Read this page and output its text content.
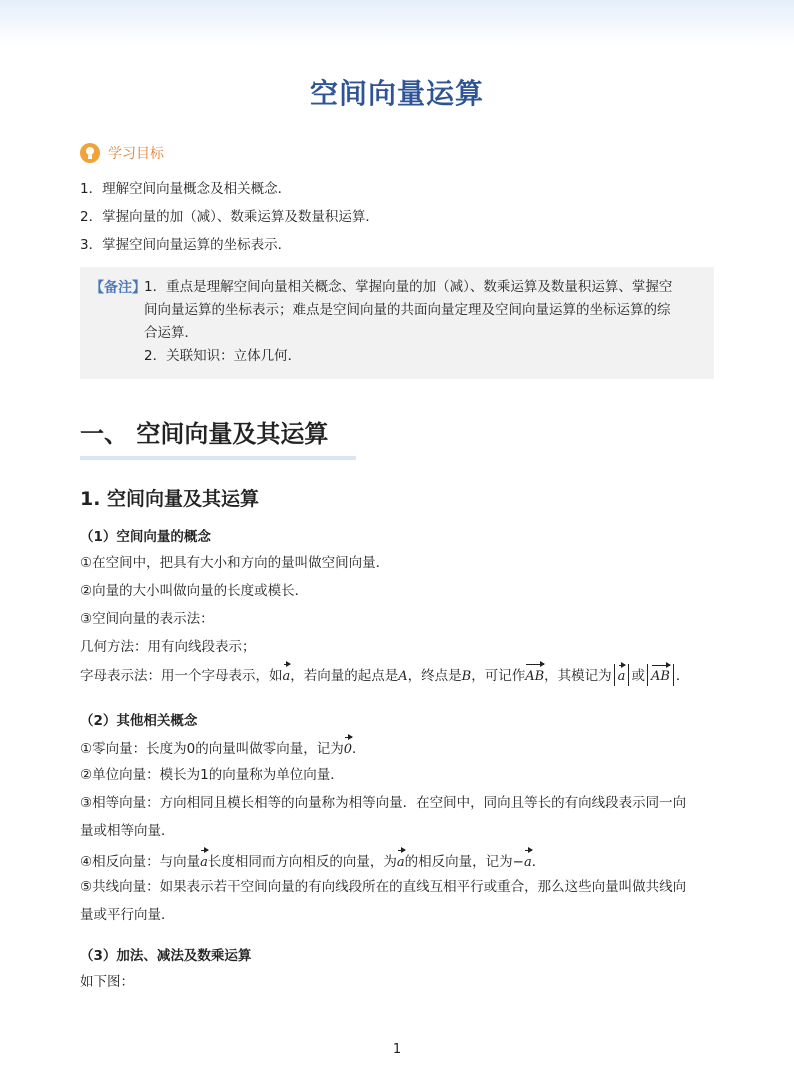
空间向量运算
学习目标
1．理解空间向量概念及相关概念．
2．掌握向量的加（减）、数乘运算及数量积运算．
3．掌握空间向量运算的坐标表示．
【备注】
1．重点是理解空间向量相关概念、掌握向量的加（减）、数乘运算及数量积运算、掌握空
间向量运算的坐标表示；难点是空间向量的共面向量定理及空间向量运算的坐标运算的综
合运算．
2．关联知识：立体几何．
一、 空间向量及其运算
1. 空间向量及其运算
（1）空间向量的概念
①在空间中，把具有大小和方向的量叫做空间向量．
②向量的大小叫做向量的长度或模长．
③空间向量的表示法：
几何方法：用有向线段表示；
字母表示法：用一个字母表示，如a，若向量的起点是A，终点是B，可记作AB，其模记为 a 或 AB ．
（2）其他相关概念
①零向量：长度为0的向量叫做零向量，记为0．
②单位向量：模长为1的向量称为单位向量．
③相等向量：方向相同且模长相等的向量称为相等向量．在空间中，同向且等长的有向线段表示同一向
量或相等向量．
④相反向量：与向量a长度相同而方向相反的向量，为a的相反向量，记为−a．
⑤共线向量：如果表示若干空间向量的有向线段所在的直线互相平行或重合，那么这些向量叫做共线向
量或平行向量．
（3）加法、减法及数乘运算
如下图：
1
